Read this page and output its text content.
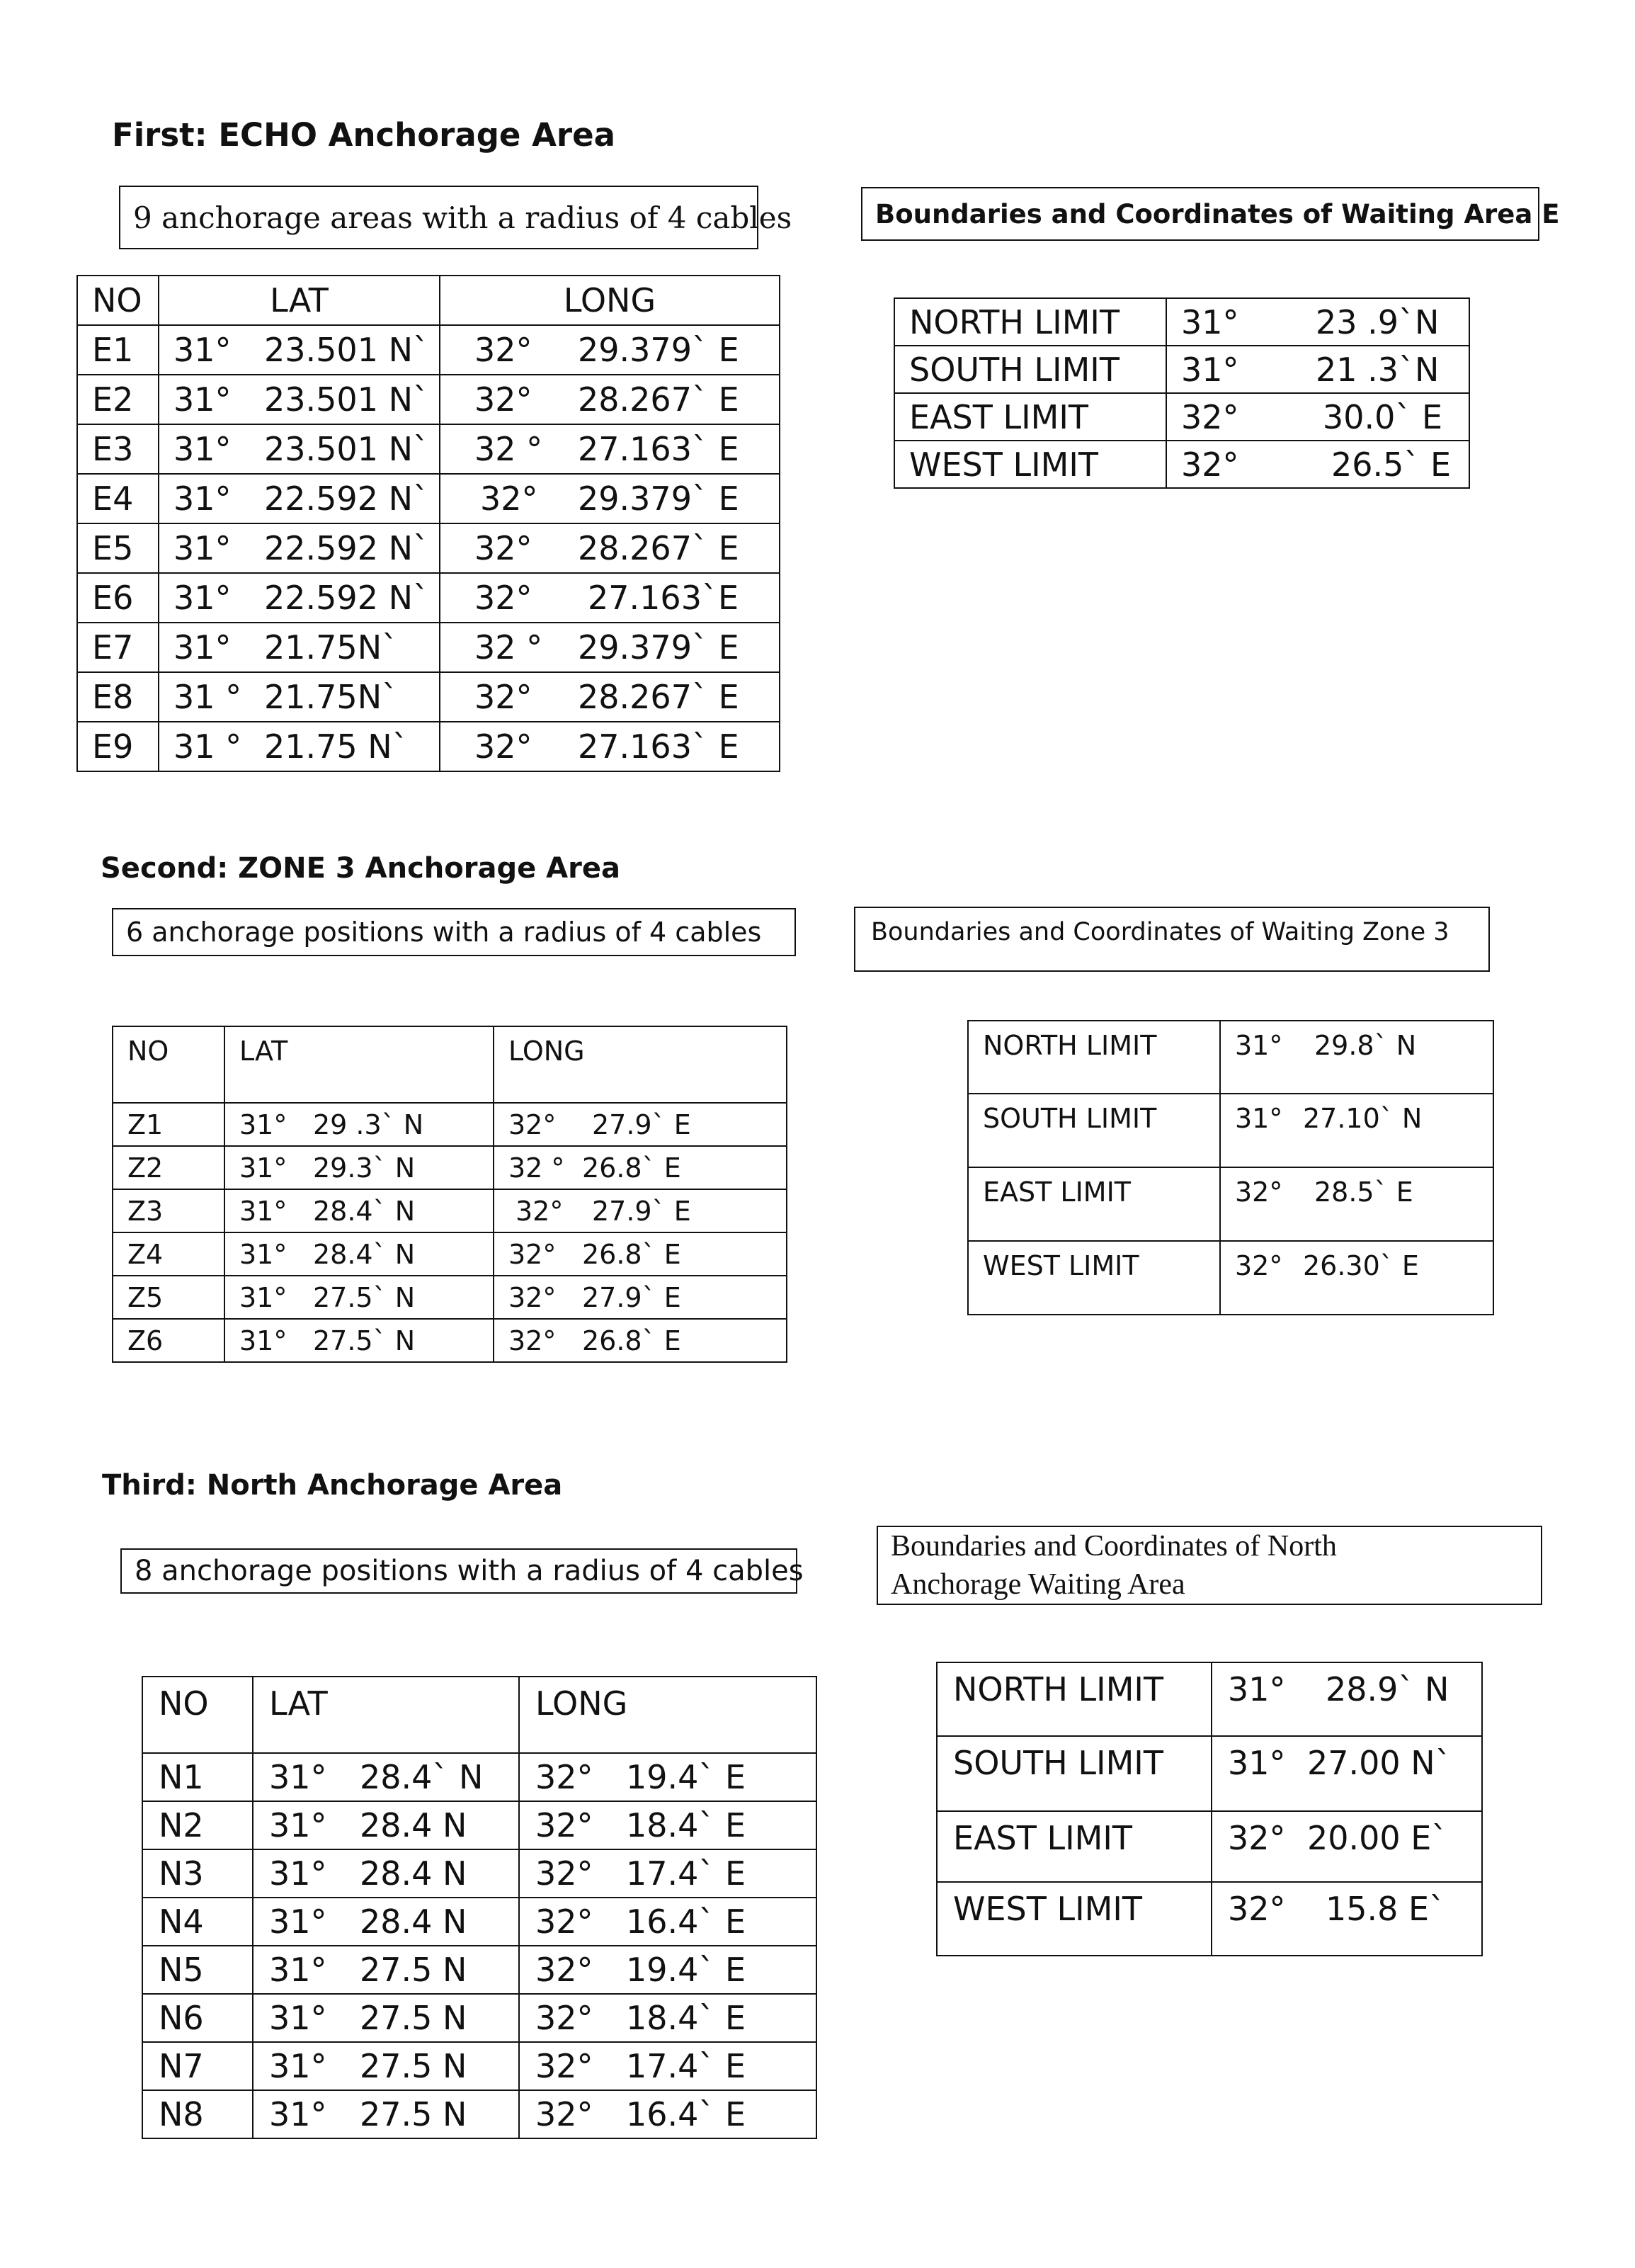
First: ECHO Anchorage Area
9 anchorage areas with a radius of 4 cables	Boundaries and Coordinates of Waiting Area E
NO	LAT	LONG
E1	31° 23.501 N`	32° 29.379` E
E2	31° 23.501 N`	32° 28.267` E
E3	31° 23.501 N`	32 ° 27.163` E
E4	31° 22.592 N`	32° 29.379` E
E5	31° 22.592 N`	32° 28.267` E
E6	31° 22.592 N`	32° 27.163`E
E7	31° 21.75N`	32 ° 29.379` E
E8	31 ° 21.75N`	32° 28.267` E
E9	31 ° 21.75 N`	32° 27.163` E
NORTH LIMIT	31° 23 .9`N
SOUTH LIMIT	31° 21 .3`N
EAST LIMIT	32° 30.0` E
WEST LIMIT	32° 26.5` E
Second: ZONE 3 Anchorage Area
6 anchorage positions with a radius of 4 cables	Boundaries and Coordinates of Waiting Zone 3
NO	LAT	LONG
Z1	31° 29 .3` N	32° 27.9` E
Z2	31° 29.3` N	32 ° 26.8` E
Z3	31° 28.4` N	32° 27.9` E
Z4	31° 28.4` N	32° 26.8` E
Z5	31° 27.5` N	32° 27.9` E
Z6	31° 27.5` N	32° 26.8` E
NORTH LIMIT	31° 29.8` N
SOUTH LIMIT	31° 27.10` N
EAST LIMIT	32° 28.5` E
WEST LIMIT	32° 26.30` E
Third: North Anchorage Area
8 anchorage positions with a radius of 4 cables
Boundaries and Coordinates of North
Anchorage Waiting Area
NO	LAT	LONG
N1	31° 28.4` N	32° 19.4` E
N2	31° 28.4 N	32° 18.4` E
N3	31° 28.4 N	32° 17.4` E
N4	31° 28.4 N	32° 16.4` E
N5	31° 27.5 N	32° 19.4` E
N6	31° 27.5 N	32° 18.4` E
N7	31° 27.5 N	32° 17.4` E
N8	31° 27.5 N	32° 16.4` E
NORTH LIMIT	31° 28.9` N
SOUTH LIMIT	31° 27.00 N`
EAST LIMIT	32° 20.00 E`
WEST LIMIT	32° 15.8 E`
